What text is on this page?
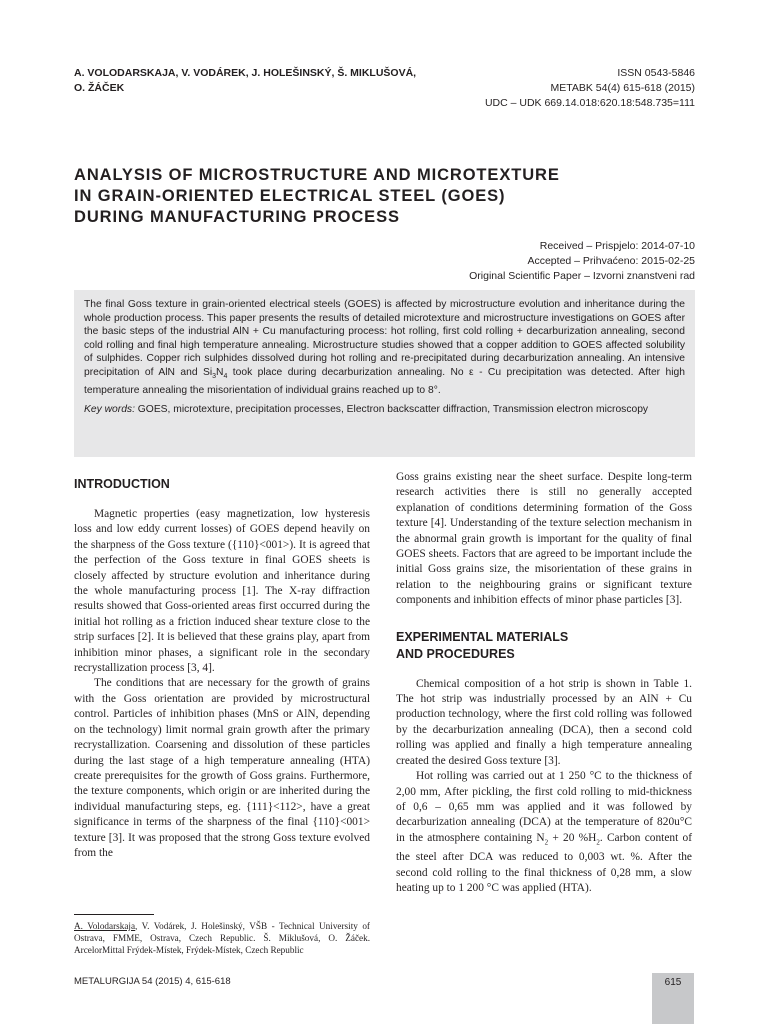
A. VOLODARSKAJA, V. VODÁREK, J. HOLEŠINSKÝ, Š. MIKLUŠOVÁ,
O. ŽÁČEK
ISSN 0543-5846
METABK 54(4) 615-618 (2015)
UDC – UDK 669.14.018:620.18:548.735=111
ANALYSIS OF MICROSTRUCTURE AND MICROTEXTURE
IN GRAIN-ORIENTED ELECTRICAL STEEL (GOES)
DURING MANUFACTURING PROCESS
Received – Prispjelo: 2014-07-10
Accepted – Prihvaćeno: 2015-02-25
Original Scientific Paper – Izvorni znanstveni rad

The final Goss texture in grain-oriented electrical steels (GOES) is affected by microstructure evolution and inheritance during the whole production process. This paper presents the results of detailed microtexture and microstructure investigations on GOES after the basic steps of the industrial AlN + Cu manufacturing process: hot rolling, first cold rolling + decarburization annealing, second cold rolling and final high temperature annealing. Microstructure studies showed that a copper addition to GOES affected solubility of sulphides. Copper rich sulphides dissolved during hot rolling and re-precipitated during decarburization annealing. An intensive precipitation of AlN and $Si_3N_4$ took place during decarburization annealing. No ε - Cu precipitation was detected. After high temperature annealing the misorientation of individual grains reached up to 8°.

Key words: GOES, microtexture, precipitation processes, Electron backscatter diffraction, Transmission electron microscopy

INTRODUCTION

Magnetic properties (easy magnetization, low hysteresis loss and low eddy current losses) of GOES depend heavily on the sharpness of the Goss texture ({110}<001>). It is agreed that the perfection of the Goss texture in final GOES sheets is closely affected by structure evolution and inheritance during the whole manufacturing process [1]. The X-ray diffraction results showed that Goss-oriented areas first occurred during the initial hot rolling as a friction induced shear texture close to the strip surfaces [2]. It is believed that these grains play, apart from inhibition minor phases, a significant role in the secondary recrystallization process [3, 4].

The conditions that are necessary for the growth of grains with the Goss orientation are provided by microstructural control. Particles of inhibition phases (MnS or AlN, depending on the technology) limit normal grain growth after the primary recrystallization. Coarsening and dissolution of these particles during the last stage of a high temperature annealing (HTA) create prerequisites for the growth of Goss grains. Furthermore, the texture components, which origin or are inherited during the individual manufacturing steps, eg. {111}<112>, have a great significance in terms of the sharpness of the final {110}<001> texture [3]. It was proposed that the strong Goss texture evolved from the

Goss grains existing near the sheet surface. Despite long-term research activities there is still no generally accepted explanation of conditions determining formation of the Goss texture [4]. Understanding of the texture selection mechanism in the abnormal grain growth is important for the quality of final GOES sheets. Factors that are agreed to be important include the initial Goss grains size, the misorientation of these grains in relation to the neighbouring grains or significant texture components and inhibition effects of minor phase particles [3].

EXPERIMENTAL MATERIALS
AND PROCEDURES

Chemical composition of a hot strip is shown in Table 1. The hot strip was industrially processed by an AlN + Cu production technology, where the first cold rolling was followed by the decarburization annealing (DCA), then a second cold rolling was applied and finally a high temperature annealing created the desired Goss texture [3].

Hot rolling was carried out at 1 250 °C to the thickness of 2,00 mm, After pickling, the first cold rolling to mid-thickness of 0,6 – 0,65 mm was applied and it was followed by decarburization annealing (DCA) at the temperature of 820u°C in the atmosphere containing $N_2 + 20$ $\%H_2$. Carbon content of the steel after DCA was reduced to 0,003 wt. %. After the second cold rolling to the final thickness of 0,28 mm, a slow heating up to 1 200 °C was applied (HTA).

A. Volodarskaja, V. Vodárek, J. Holešinský, VŠB - Technical University of Ostrava, FMME, Ostrava, Czech Republic. Š. Miklušová, O. Žáček. ArcelorMittal Frýdek-Místek, Frýdek-Místek, Czech Republic
METALURGIJA 54 (2015) 4, 615-618	615
